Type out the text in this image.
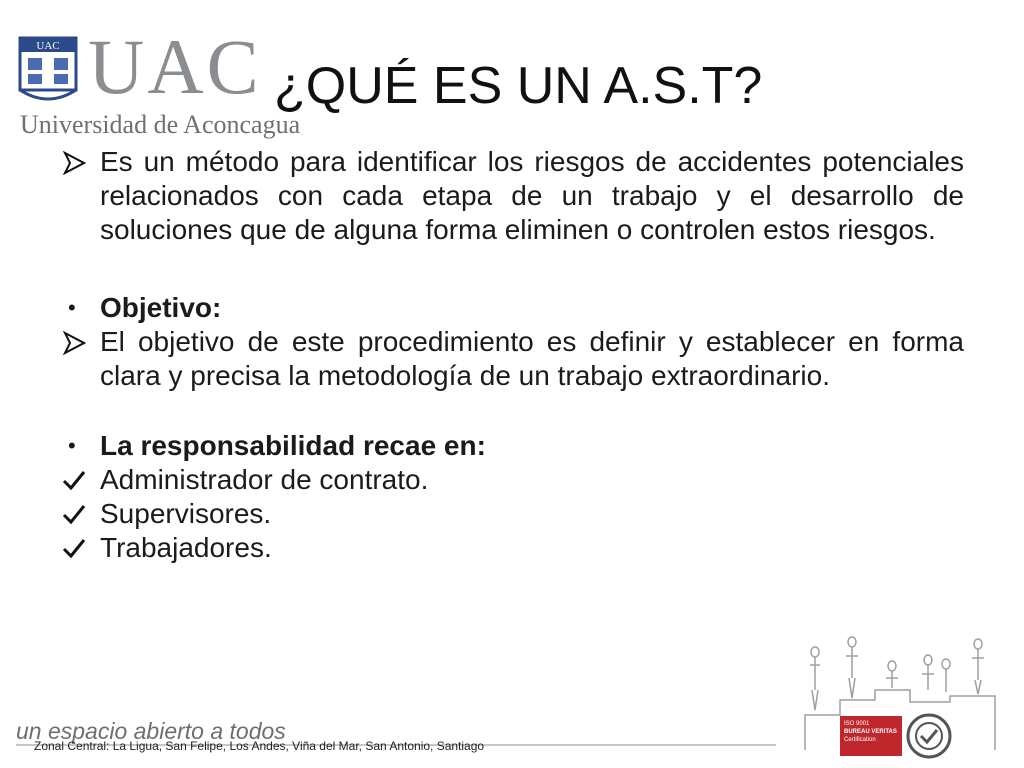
UAC UAC
Universidad de Aconcagua
¿QUÉ ES UN A.S.T?
Es un método para identificar los riesgos de accidentes potenciales relacionados con cada etapa de un trabajo y el desarrollo de soluciones que de alguna forma eliminen o controlen estos riesgos.
• Objetivo:
El objetivo de este procedimiento es definir y establecer en forma clara y precisa la metodología de un trabajo extraordinario.
• La responsabilidad recae en:
Administrador de contrato.
Supervisores.
Trabajadores.
ISO 9001
BUREAU VERITAS
Certification
un espacio abierto a todos
Zonal Central: La Ligua, San Felipe, Los Andes, Viña del Mar, San Antonio, Santiago
